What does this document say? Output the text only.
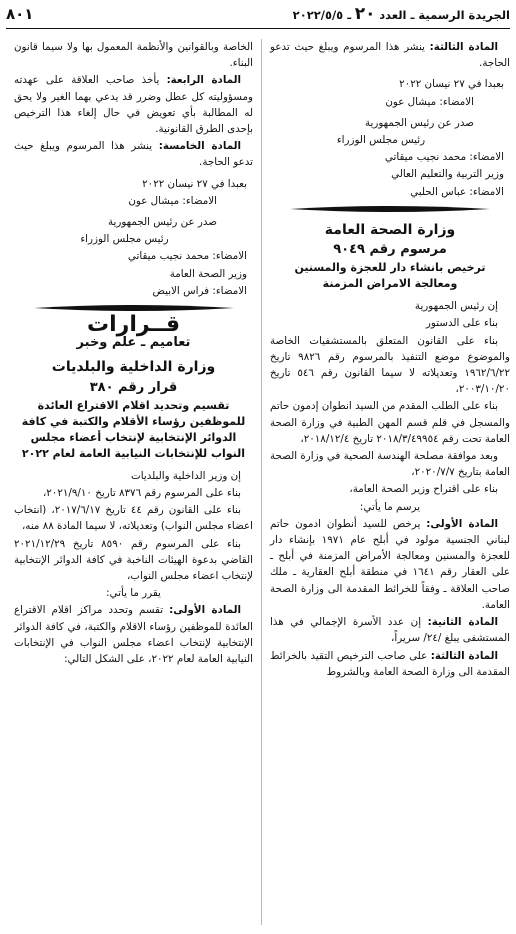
الجريدة الرسمية ـ العدد ٢٠ ـ ٢٠٢٢/٥/٥
٨٠١

المادة الثالثة: ينشر هذا المرسوم ويبلغ حيث تدعو الحاجة.

بعبدا في ٢٧ نيسان ٢٠٢٢

الامضاء: ميشال عون

صدر عن رئيس الجمهورية

رئيس مجلس الوزراء

الامضاء: محمد نجيب ميقاتي

وزير التربية والتعليم العالي

الامضاء: عباس الحلبي

وزارة الصحة العامة
مرسوم رقم ٩٠٤٩
ترخيص بانشاء دار للعجزة والمسنين
ومعالجة الامراض المزمنة

إن رئيس الجمهورية

بناء على الدستور

بناء على القانون المتعلق بالمستشفيات الخاصة والموضوع موضع التنفيذ بالمرسوم رقم ٩٨٢٦ تاريخ ١٩٦٢/٦/٢٢ وتعديلاته لا سيما القانون رقم ٥٤٦ تاريخ ٢٠٠٣/١٠/٢٠،

بناء على الطلب المقدم من السيد انطوان إدمون حاتم والمسجل في قلم قسم المهن الطبية في وزارة الصحة العامة تحت رقم ٢٠١٨/٣/٤٩٩٥٤ تاريخ ٢٠١٨/١٢/٤،

وبعد موافقة مصلحة الهندسة الصحية في وزارة الصحة العامة بتاريخ ٢٠٢٠/٧/٧،

بناء على اقتراح وزير الصحة العامة،

يرسم ما يأتي:

المادة الأولى: يرخص للسيد أنطوان ادمون حاتم لبناني الجنسية مولود في أبلح عام ١٩٧١ بإنشاء دار للعجزة والمسنين ومعالجة الأمراض المزمنة في أبلح ـ على العقار رقم ١٦٤١ في منطقة أبلح العقارية ـ ملك صاحب العلاقة ـ وفقاً للخرائط المقدمة الى وزارة الصحة العامة.

المادة الثانية: إن عدد الأسرة الإجمالي في هذا المستشفى يبلغ /٢٤/ سريراً،

المادة الثالثة: على صاحب الترخيص التقيد بالخرائط المقدمة الى وزارة الصحة العامة وبالشروط

الخاصة وبالقوانين والأنظمة المعمول بها ولا سيما قانون البناء.

المادة الرابعة: يأخذ صاحب العلاقة على عهدته ومسؤوليته كل عطل وضرر قد يدعي بهما الغير ولا يحق له المطالبة بأي تعويض في حال إلغاء هذا الترخيص بإحدى الطرق القانونية.

المادة الخامسة: ينشر هذا المرسوم ويبلغ حيث تدعو الحاجة.

بعبدا في ٢٧ نيسان ٢٠٢٢

الامضاء: ميشال عون

صدر عن رئيس الجمهورية

رئيس مجلس الوزراء

الامضاء: محمد نجيب ميقاتي

وزير الصحة العامة

الامضاء: فراس الابيض

قــرارات
تعاميم ـ علم وخبر
وزارة الداخلية والبلديات
قرار رقم ٣٨٠
تقسيم وتحديد اقلام الاقتراع العائدة للموظفين رؤساء الأقلام والكتبة في كافة الدوائر الإنتخابية لإنتخاب أعضاء مجلس النواب للإنتخابات النيابية العامة لعام ٢٠٢٢

إن وزير الداخلية والبلديات

بناء على المرسوم رقم ٨٣٧٦ تاريخ ٢٠٢١/٩/١٠،

بناء على القانون رقم ٤٤ تاريخ ٢٠١٧/٦/١٧، (انتخاب اعضاء مجلس النواب) وتعديلاته، لا سيما المادة ٨٨ منه،

بناء على المرسوم رقم ٨٥٩٠ تاريخ ٢٠٢١/١٢/٢٩ القاضي بدعوة الهيئات الناخبة في كافة الدوائر الإنتخابية لإنتخاب اعضاء مجلس النواب،

يقرر ما يأتي:

المادة الأولى: تقسم وتحدد مراكز اقلام الاقتراع العائدة للموظفين رؤساء الاقلام والكتبة، في كافة الدوائر الإنتخابية لإنتخاب اعضاء مجلس النواب في الإنتخابات النيابية العامة لعام ٢٠٢٢، على الشكل التالي:
